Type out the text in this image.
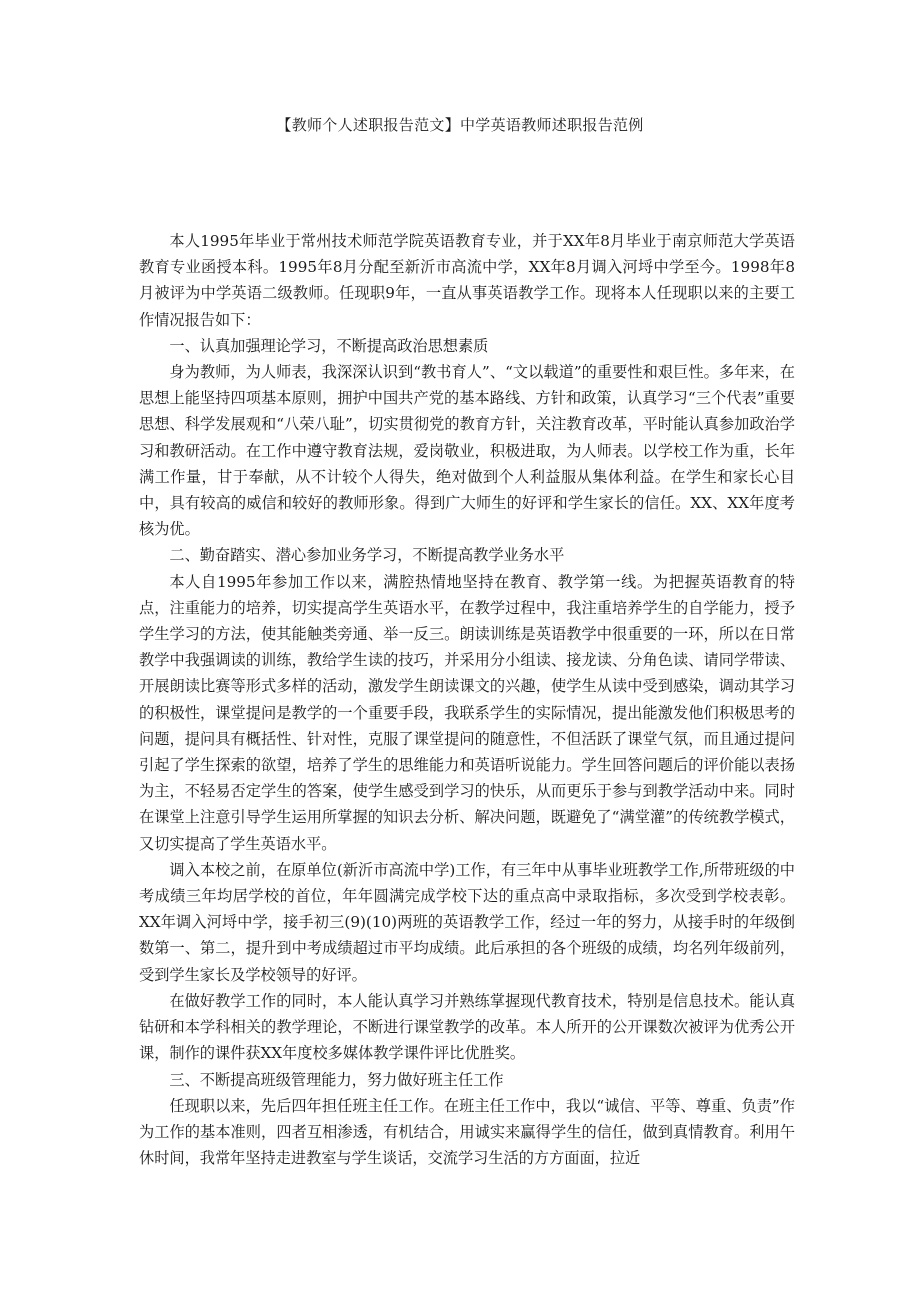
【教师个人述职报告范文】中学英语教师述职报告范例

本人1995年毕业于常州技术师范学院英语教育专业，并于XX年8月毕业于南京师范大学英语教育专业函授本科。1995年8月分配至新沂市高流中学，XX年8月调入河埒中学至今。1998年8月被评为中学英语二级教师。任现职9年，一直从事英语教学工作。现将本人任现职以来的主要工作情况报告如下：

一、认真加强理论学习，不断提高政治思想素质

身为教师，为人师表，我深深认识到“教书育人”、“文以载道”的重要性和艰巨性。多年来，在思想上能坚持四项基本原则，拥护中国共产党的基本路线、方针和政策，认真学习“三个代表”重要思想、科学发展观和“八荣八耻”，切实贯彻党的教育方针，关注教育改革，平时能认真参加政治学习和教研活动。在工作中遵守教育法规，爱岗敬业，积极进取，为人师表。以学校工作为重，长年满工作量，甘于奉献，从不计较个人得失，绝对做到个人利益服从集体利益。在学生和家长心目中，具有较高的威信和较好的教师形象。得到广大师生的好评和学生家长的信任。XX、XX年度考核为优。

二、勤奋踏实、潜心参加业务学习，不断提高教学业务水平

本人自1995年参加工作以来，满腔热情地坚持在教育、教学第一线。为把握英语教育的特点，注重能力的培养，切实提高学生英语水平，在教学过程中，我注重培养学生的自学能力，授予学生学习的方法，使其能触类旁通、举一反三。朗读训练是英语教学中很重要的一环，所以在日常教学中我强调读的训练，教给学生读的技巧，并采用分小组读、接龙读、分角色读、请同学带读、开展朗读比赛等形式多样的活动，激发学生朗读课文的兴趣，使学生从读中受到感染，调动其学习的积极性，课堂提问是教学的一个重要手段，我联系学生的实际情况，提出能激发他们积极思考的问题，提问具有概括性、针对性，克服了课堂提问的随意性，不但活跃了课堂气氛，而且通过提问引起了学生探索的欲望，培养了学生的思维能力和英语听说能力。学生回答问题后的评价能以表扬为主，不轻易否定学生的答案，使学生感受到学习的快乐，从而更乐于参与到教学活动中来。同时在课堂上注意引导学生运用所掌握的知识去分析、解决问题，既避免了“满堂灌”的传统教学模式，又切实提高了学生英语水平。

调入本校之前，在原单位(新沂市高流中学)工作，有三年中从事毕业班教学工作,所带班级的中考成绩三年均居学校的首位，年年圆满完成学校下达的重点高中录取指标，多次受到学校表彰。XX年调入河埒中学，接手初三(9)(10)两班的英语教学工作，经过一年的努力，从接手时的年级倒数第一、第二，提升到中考成绩超过市平均成绩。此后承担的各个班级的成绩，均名列年级前列，受到学生家长及学校领导的好评。

在做好教学工作的同时，本人能认真学习并熟练掌握现代教育技术，特别是信息技术。能认真钻研和本学科相关的教学理论，不断进行课堂教学的改革。本人所开的公开课数次被评为优秀公开课，制作的课件获XX年度校多媒体教学课件评比优胜奖。

三、不断提高班级管理能力，努力做好班主任工作

任现职以来，先后四年担任班主任工作。在班主任工作中，我以“诚信、平等、尊重、负责”作为工作的基本准则，四者互相渗透，有机结合，用诚实来赢得学生的信任，做到真情教育。利用午休时间，我常年坚持走进教室与学生谈话，交流学习生活的方方面面，拉近
